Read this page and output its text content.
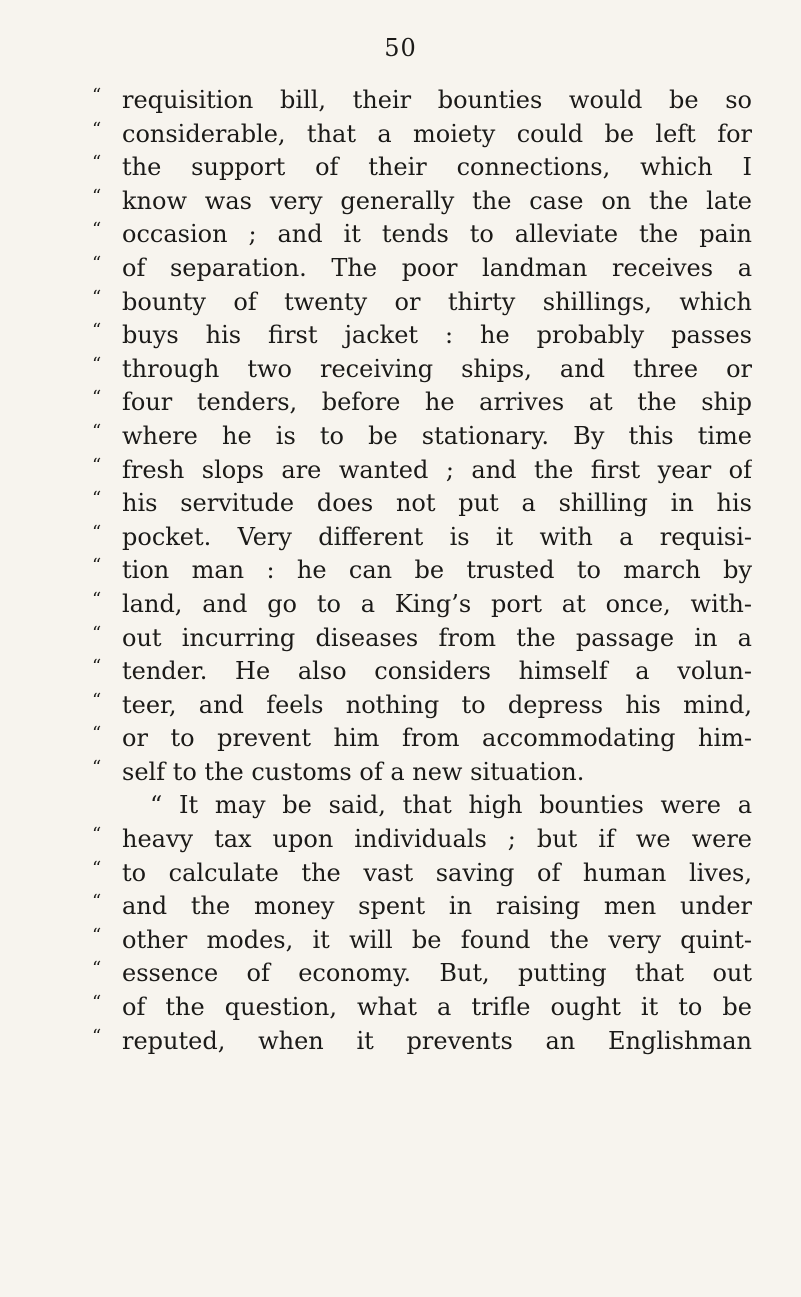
50
“ requisition bill, their bounties would be so
“ considerable, that a moiety could be left for
“ the support of their connections, which I
“ know was very generally the case on the late
“ occasion ; and it tends to alleviate the pain
“ of separation. The poor landman receives a
“ bounty of twenty or thirty shillings, which
“ buys his first jacket : he probably passes
“ through two receiving ships, and three or
“ four tenders, before he arrives at the ship
“ where he is to be stationary. By this time
“ fresh slops are wanted ; and the first year of
“ his servitude does not put a shilling in his
“ pocket. Very different is it with a requisi-
“ tion man : he can be trusted to march by
“ land, and go to a King’s port at once, with-
“ out incurring diseases from the passage in a
“ tender. He also considers himself a volun-
“ teer, and feels nothing to depress his mind,
“ or to prevent him from accommodating him-
“ self to the customs of a new situation.
“ It may be said, that high bounties were a
“ heavy tax upon individuals ; but if we were
“ to calculate the vast saving of human lives,
“ and the money spent in raising men under
“ other modes, it will be found the very quint-
“ essence of economy. But, putting that out
“ of the question, what a trifle ought it to be
“ reputed, when it prevents an Englishman
